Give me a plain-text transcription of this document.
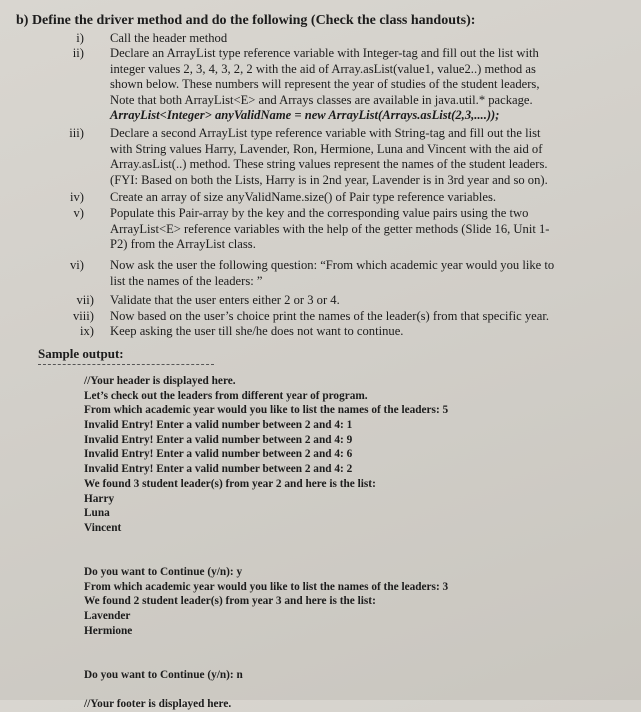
b) Define the driver method and do the following (Check the class handouts):
i) Call the header method
ii) Declare an ArrayList type reference variable with Integer-tag and fill out the list with
integer values 2, 3, 4, 3, 2, 2 with the aid of Array.asList(value1, value2..) method as
shown below. These numbers will represent the year of studies of the student leaders,
Note that both ArrayList<E> and Arrays classes are available in java.util.* package.
ArrayList<Integer> anyValidName = new ArrayList(Arrays.asList(2,3,....));
iii) Declare a second ArrayList type reference variable with String-tag and fill out the list
with String values Harry, Lavender, Ron, Hermione, Luna and Vincent with the aid of
Array.asList(..) method. These string values represent the names of the student leaders.
(FYI: Based on both the Lists, Harry is in 2nd year, Lavender is in 3rd year and so on).
iv) Create an array of size anyValidName.size() of Pair type reference variables.
v) Populate this Pair-array by the key and the corresponding value pairs using the two
ArrayList<E> reference variables with the help of the getter methods (Slide 16, Unit 1-
P2) from the ArrayList class.
vi) Now ask the user the following question: “From which academic year would you like to
list the names of the leaders: ”
vii) Validate that the user enters either 2 or 3 or 4.
viii) Now based on the user’s choice print the names of the leader(s) from that specific year.
ix) Keep asking the user till she/he does not want to continue.
Sample output:
//Your header is displayed here.
Let’s check out the leaders from different year of program.
From which academic year would you like to list the names of the leaders: 5
Invalid Entry! Enter a valid number between 2 and 4: 1
Invalid Entry! Enter a valid number between 2 and 4: 9
Invalid Entry! Enter a valid number between 2 and 4: 6
Invalid Entry! Enter a valid number between 2 and 4: 2
We found 3 student leader(s) from year 2 and here is the list:
Harry
Luna
Vincent
Do you want to Continue (y/n): y
From which academic year would you like to list the names of the leaders: 3
We found 2 student leader(s) from year 3 and here is the list:
Lavender
Hermione
Do you want to Continue (y/n): n
//Your footer is displayed here.
